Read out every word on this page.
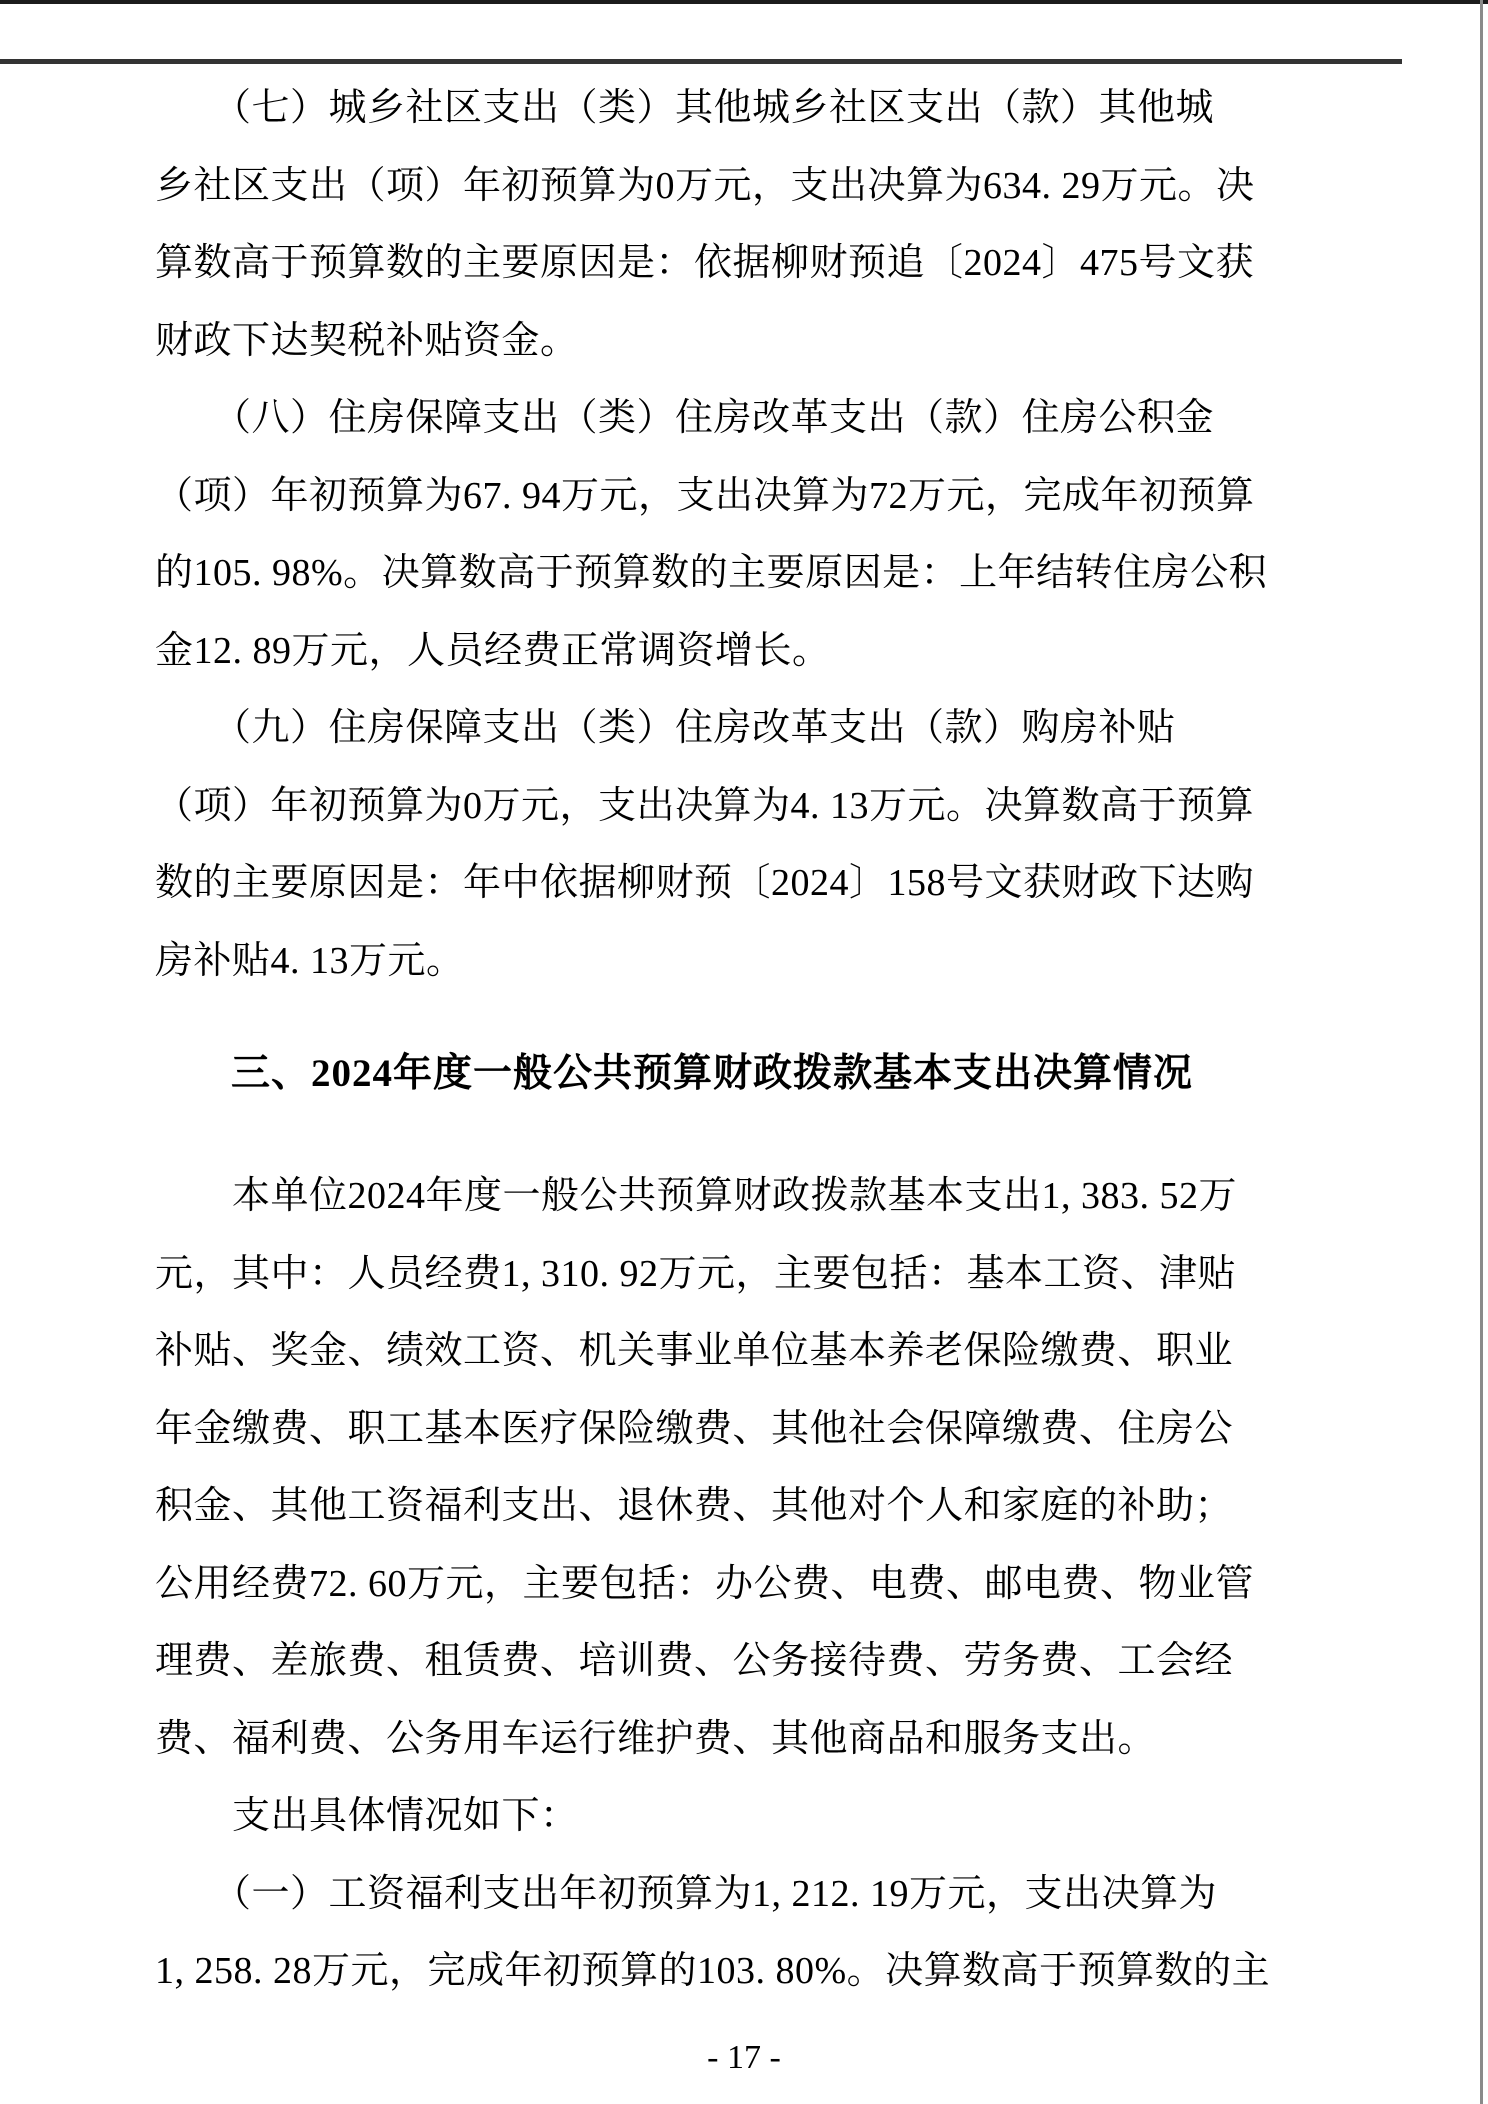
　　（七）城乡社区支出（类）其他城乡社区支出（款）其他城
乡社区支出（项）年初预算为0万元，支出决算为634. 29万元。决
算数高于预算数的主要原因是：依据柳财预追〔2024〕475号文获
财政下达契税补贴资金。
　　（八）住房保障支出（类）住房改革支出（款）住房公积金
（项）年初预算为67. 94万元，支出决算为72万元，完成年初预算
的105. 98%。决算数高于预算数的主要原因是：上年结转住房公积
金12. 89万元，人员经费正常调资增长。
　　（九）住房保障支出（类）住房改革支出（款）购房补贴
（项）年初预算为0万元，支出决算为4. 13万元。决算数高于预算
数的主要原因是：年中依据柳财预〔2024〕158号文获财政下达购
房补贴4. 13万元。
三、2024年度一般公共预算财政拨款基本支出决算情况
　　本单位2024年度一般公共预算财政拨款基本支出1, 383. 52万
元，其中：人员经费1, 310. 92万元，主要包括：基本工资、津贴
补贴、奖金、绩效工资、机关事业单位基本养老保险缴费、职业
年金缴费、职工基本医疗保险缴费、其他社会保障缴费、住房公
积金、其他工资福利支出、退休费、其他对个人和家庭的补助；
公用经费72. 60万元，主要包括：办公费、电费、邮电费、物业管
理费、差旅费、租赁费、培训费、公务接待费、劳务费、工会经
费、福利费、公务用车运行维护费、其他商品和服务支出。
　　支出具体情况如下：
　　（一）工资福利支出年初预算为1, 212. 19万元，支出决算为
1, 258. 28万元，完成年初预算的103. 80%。决算数高于预算数的主
- 17 -
